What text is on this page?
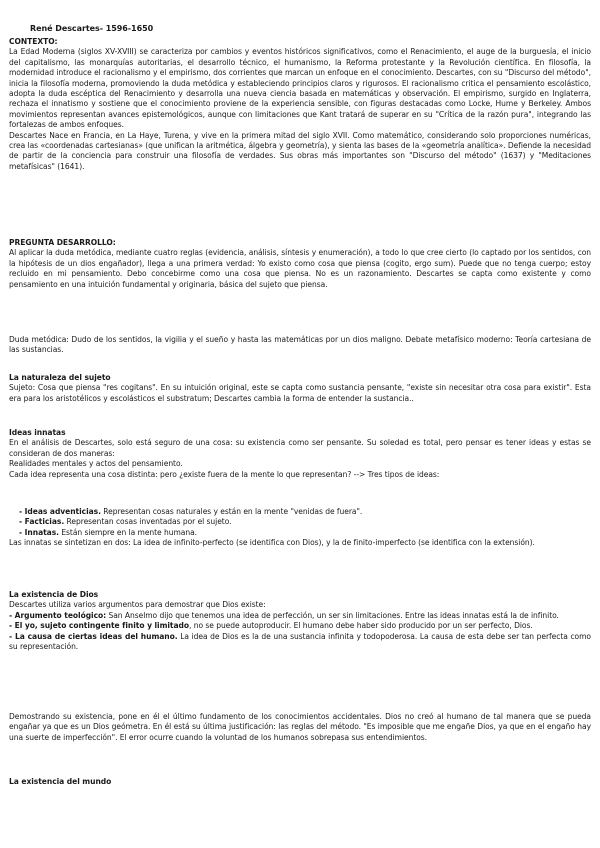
René Descartes- 1596-1650

CONTEXTO:

La Edad Moderna (siglos XV-XVIII) se caracteriza por cambios y eventos históricos significativos, como el Renacimiento, el auge de la burguesía, el inicio del capitalismo, las monarquías autoritarias, el desarrollo técnico, el humanismo, la Reforma protestante y la Revolución científica. En filosofía, la modernidad introduce el racionalismo y el empirismo, dos corrientes que marcan un enfoque en el conocimiento. Descartes, con su "Discurso del método", inicia la filosofía moderna, promoviendo la duda metódica y estableciendo principios claros y rigurosos. El racionalismo critica el pensamiento escolástico, adopta la duda escéptica del Renacimiento y desarrolla una nueva ciencia basada en matemáticas y observación. El empirismo, surgido en Inglaterra, rechaza el innatismo y sostiene que el conocimiento proviene de la experiencia sensible, con figuras destacadas como Locke, Hume y Berkeley. Ambos movimientos representan avances epistemológicos, aunque con limitaciones que Kant tratará de superar en su "Crítica de la razón pura", integrando las fortalezas de ambos enfoques.

Descartes Nace en Francia, en La Haye, Turena, y vive en la primera mitad del siglo XVII. Como matemático, considerando solo proporciones numéricas, crea las «coordenadas cartesianas» (que unifican la aritmética, álgebra y geometría), y sienta las bases de la «geometría analítica». Defiende la necesidad de partir de la conciencia para construir una filosofía de verdades. Sus obras más importantes son "Discurso del método" (1637) y "Meditaciones metafísicas" (1641).

PREGUNTA DESARROLLO:

Al aplicar la duda metódica, mediante cuatro reglas (evidencia, análisis, síntesis y enumeración), a todo lo que cree cierto (lo captado por los sentidos, con la hipótesis de un dios engañador), llega a una primera verdad: Yo existo como cosa que piensa (cogito, ergo sum). Puede que no tenga cuerpo; estoy recluido en mi pensamiento. Debo concebirme como una cosa que piensa. No es un razonamiento. Descartes se capta como existente y como pensamiento en una intuición fundamental y originaria, básica del sujeto que piensa.

Duda metódica: Dudo de los sentidos, la vigilia y el sueño y hasta las matemáticas por un dios maligno. Debate metafísico moderno: Teoría cartesiana de las sustancias.

La naturaleza del sujeto

Sujeto: Cosa que piensa "res cogitans". En su intuición original, este se capta como sustancia pensante, "existe sin necesitar otra cosa para existir". Esta era para los aristotélicos y escolásticos el substratum; Descartes cambia la forma de entender la sustancia..

Ideas innatas

En el análisis de Descartes, solo está seguro de una cosa: su existencia como ser pensante. Su soledad es total, pero pensar es tener ideas y estas se consideran de dos maneras:

Realidades mentales y actos del pensamiento.

Cada idea representa una cosa distinta: pero ¿existe fuera de la mente lo que representan? --> Tres tipos de ideas:

- Ideas adventicias. Representan cosas naturales y están en la mente "venidas de fuera".
- Facticias. Representan cosas inventadas por el sujeto.
- Innatas. Están siempre en la mente humana.

Las innatas se sintetizan en dos: La idea de infinito-perfecto (se identifica con Dios), y la de finito-imperfecto (se identifica con la extensión).

La existencia de Dios

Descartes utiliza varios argumentos para demostrar que Dios existe:

- Argumento teológico: San Anselmo dijo que tenemos una idea de perfección, un ser sin limitaciones. Entre las ideas innatas está la de infinito.

- El yo, sujeto contingente finito y limitado, no se puede autoproducir. El humano debe haber sido producido por un ser perfecto, Dios.

- La causa de ciertas ideas del humano. La idea de Dios es la de una sustancia infinita y todopoderosa. La causa de esta debe ser tan perfecta como su representación.

Demostrando su existencia, pone en él el último fundamento de los conocimientos accidentales. Dios no creó al humano de tal manera que se pueda engañar ya que es un Dios geómetra. En él está su última justificación: las reglas del método. "Es imposible que me engañe Dios, ya que en el engaño hay una suerte de imperfección". El error ocurre cuando la voluntad de los humanos sobrepasa sus entendimientos.

La existencia del mundo
